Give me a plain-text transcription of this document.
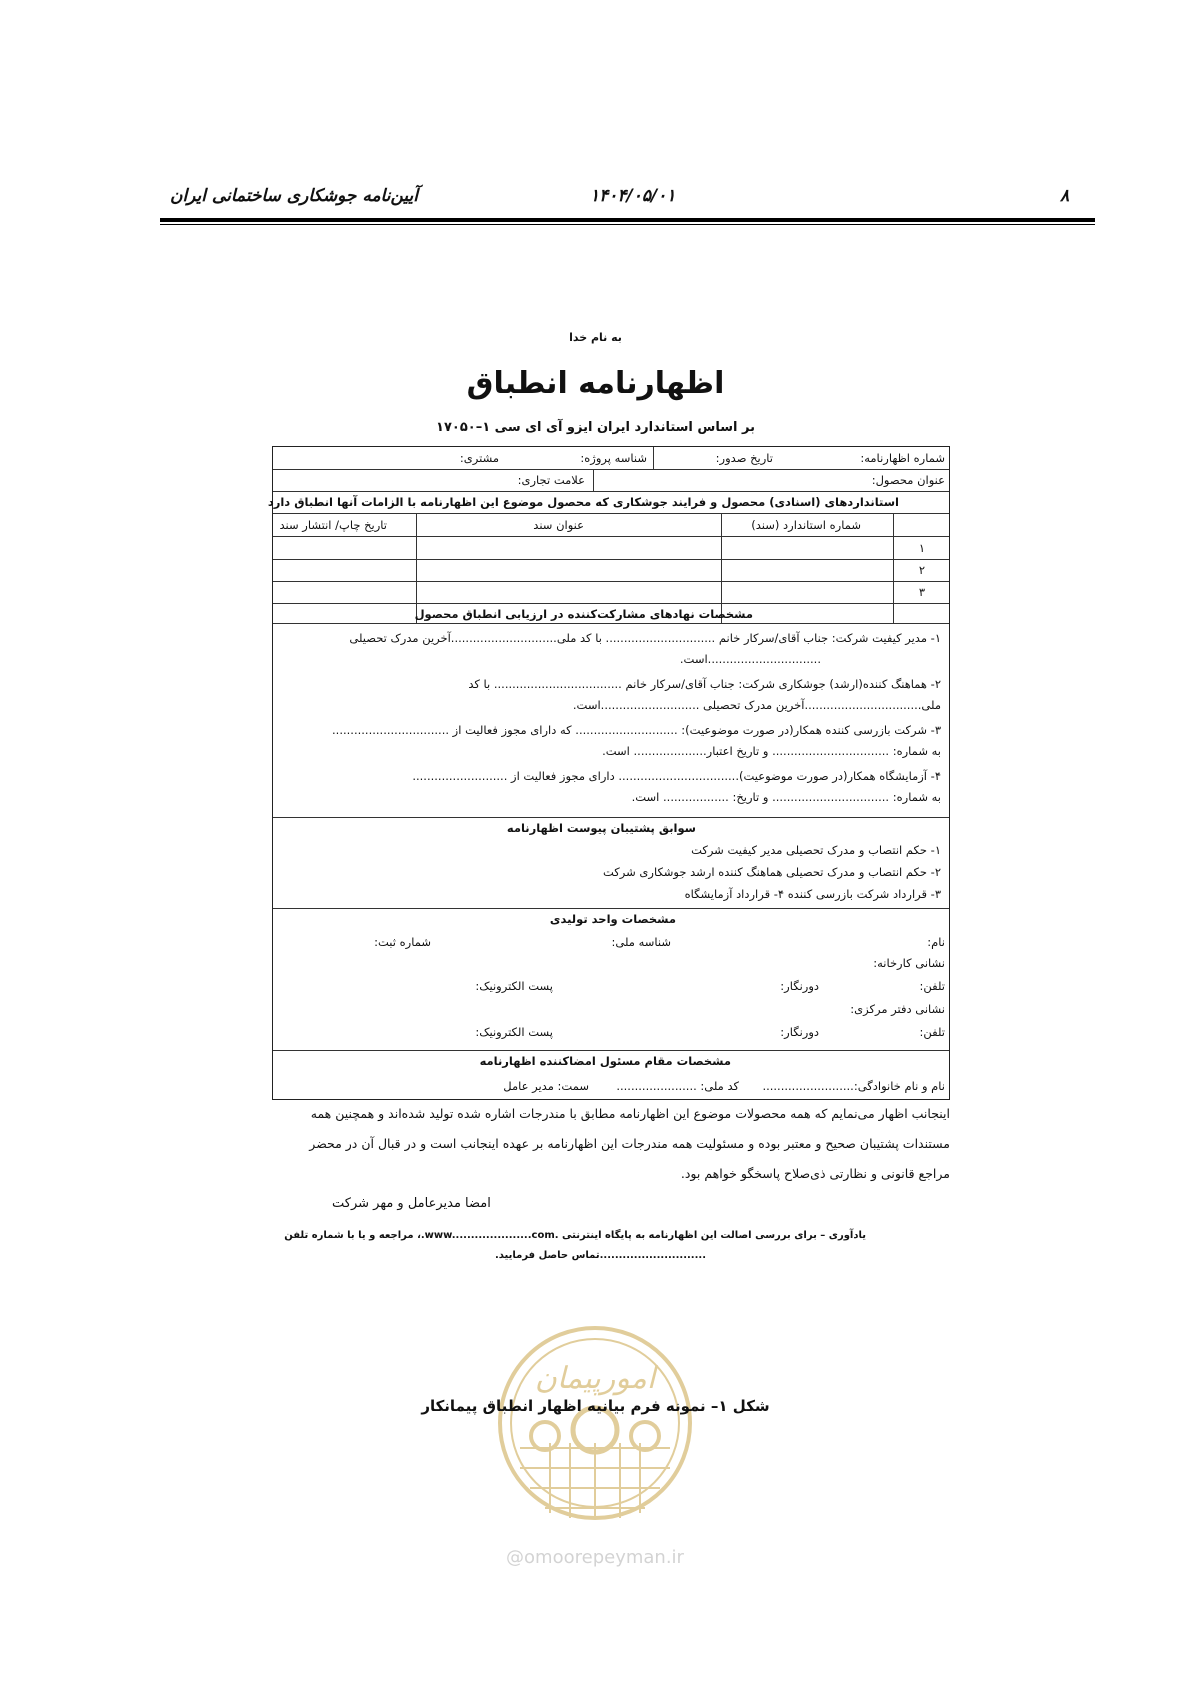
۸
۱۴۰۴/۰۵/۰۱
آیین‌نامه جوشکاری ساختمانی ایران
به نام خدا
اظهارنامه انطباق
بر اساس استاندارد ایران ایزو آی ای سی ۱–۱۷۰۵۰
شماره اظهارنامه:
تاریخ صدور:
شناسه پروژه:
مشتری:
عنوان محصول:
علامت تجاری:
استانداردهای (اسنادی) محصول و فرایند جوشکاری که محصول موضوع این اظهارنامه با الزامات آنها انطباق دارد
شماره استاندارد (سند)
عنوان سند
تاریخ چاپ/ انتشار سند
۱
۲
۳
مشخصات نهادهای مشارکت‌کننده در ارزیابی انطباق محصول
۱- مدیر کیفیت شرکت: جناب آقای/سرکار خانم .............................. با کد ملی.............................آخرین مدرک تحصیلی
...............................است.
۲- هماهنگ کننده(ارشد) جوشکاری شرکت: جناب آقای/سرکار خانم ................................... با کد
ملی................................آخرین مدرک تحصیلی ...........................است.
۳- شرکت بازرسی کننده همکار(در صورت موضوعیت): ............................ که دارای مجوز فعالیت از ................................
به شماره: ................................ و تاریخ اعتبار.................... است.
۴- آزمایشگاه همکار(در صورت موضوعیت)................................. دارای مجوز فعالیت از ..........................
به شماره: ................................ و تاریخ: .................. است.
سوابق پشتیبان پیوست اظهارنامه
۱- حکم انتصاب و مدرک تحصیلی مدیر کیفیت شرکت
۲- حکم انتصاب و مدرک تحصیلی هماهنگ کننده ارشد جوشکاری شرکت
۳- قرارداد شرکت بازرسی کننده ۴- قرارداد آزمایشگاه
مشخصات واحد تولیدی
نام:
شناسه ملی:
شماره ثبت:
نشانی کارخانه:
تلفن:
دورنگار:
پست الکترونیک:
نشانی دفتر مرکزی:
تلفن:
دورنگار:
پست الکترونیک:
مشخصات مقام مسئول امضاکننده اظهارنامه
نام و نام خانوادگی:.........................
کد ملی: ......................
سمت: مدیر عامل
اینجانب اظهار می‌نمایم که همه محصولات موضوع این اظهارنامه مطابق با مندرجات اشاره شده تولید شده‌اند و همچنین همه
مستندات پشتیبان صحیح و معتبر بوده و مسئولیت همه مندرجات این اظهارنامه بر عهده اینجانب است و در قبال آن در محضر
مراجع قانونی و نظارتی ذی‌صلاح پاسخگو خواهم بود.
امضا مدیرعامل و مهر شرکت
یادآوری – برای بررسی اصالت این اظهارنامه به پایگاه اینترنتی .www.....................com.، مراجعه و یا با شماره تلفن
............................تماس حاصل فرمایید.
امورپیمان
@omoorepeyman.ir
شکل ۱– نمونه فرم بیانیه اظهار انطباق پیمانکار
